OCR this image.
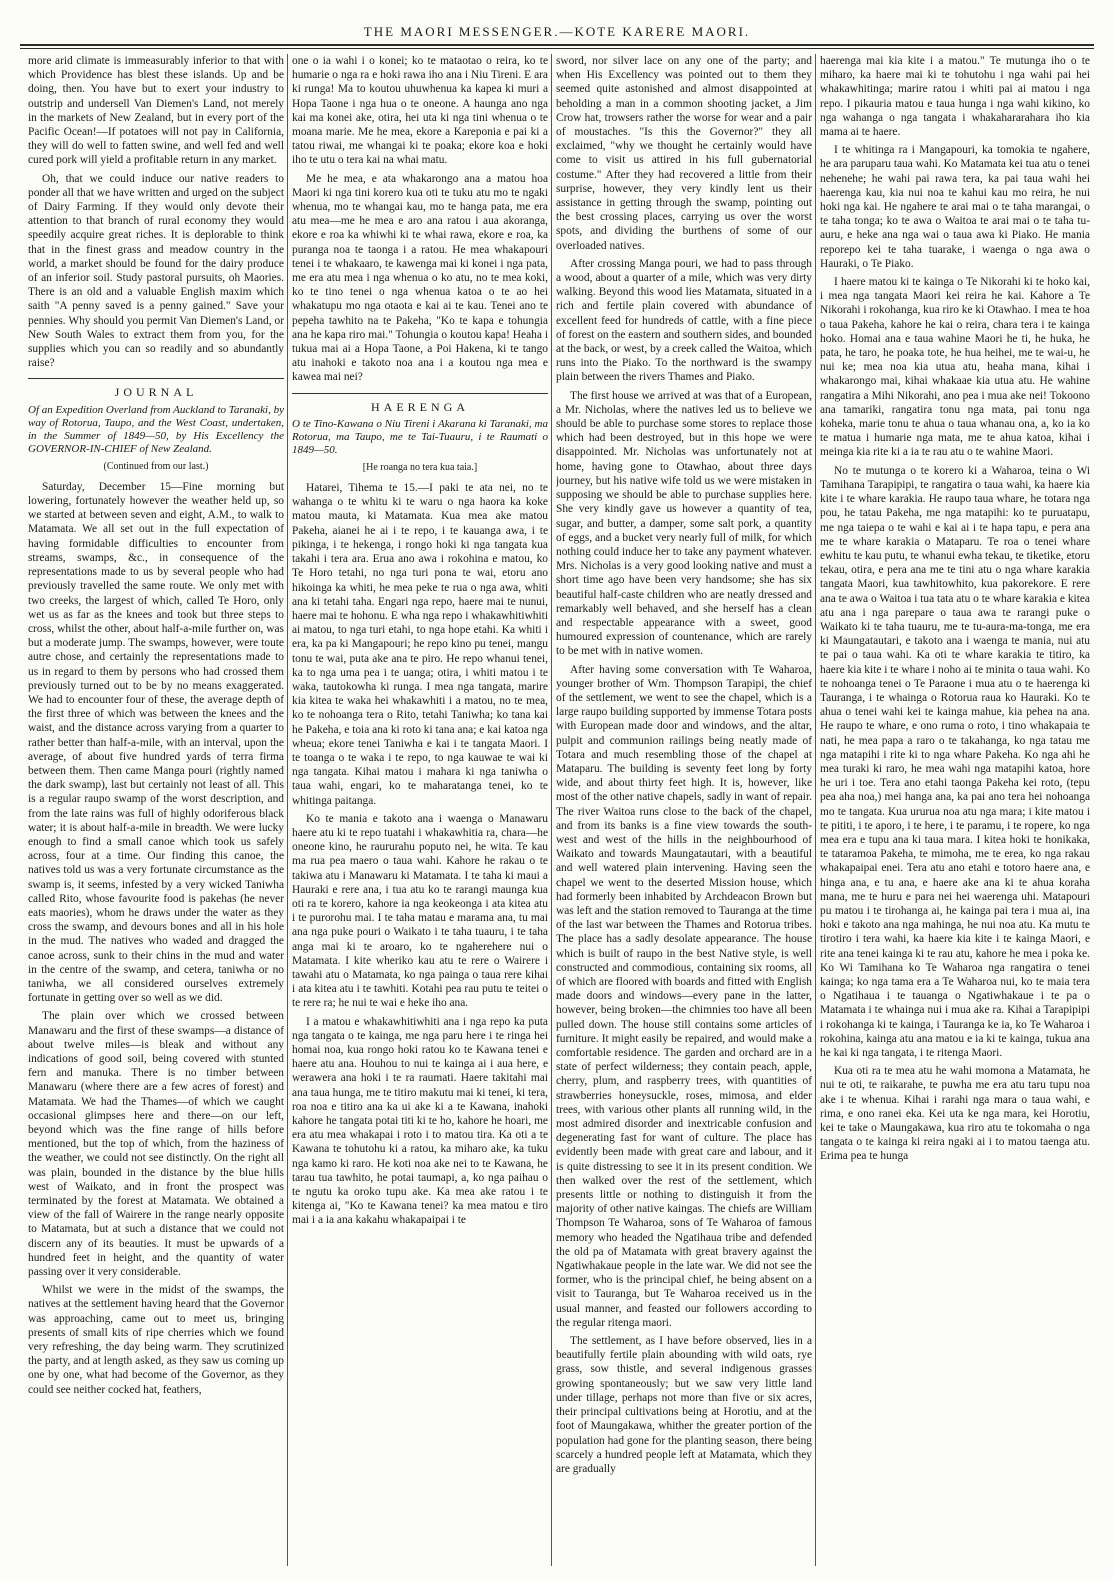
THE MAORI MESSENGER.—KOTE KARERE MAORI.

more arid climate is immeasurably inferior to that with which Providence has blest these islands. Up and be doing, then. You have but to exert your industry to outstrip and undersell Van Diemen's Land, not merely in the markets of New Zealand, but in every port of the Pacific Ocean!—If potatoes will not pay in California, they will do well to fatten swine, and well fed and well cured pork will yield a profitable return in any market.

Oh, that we could induce our native readers to ponder all that we have written and urged on the subject of Dairy Farming. If they would only devote their attention to that branch of rural economy they would speedily acquire great riches. It is deplorable to think that in the finest grass and meadow country in the world, a market should be found for the dairy produce of an inferior soil. Study pastoral pursuits, oh Maories. There is an old and a valuable English maxim which saith "A penny saved is a penny gained." Save your pennies. Why should you permit Van Diemen's Land, or New South Wales to extract them from you, for the supplies which you can so readily and so abundantly raise?

JOURNAL
Of an Expedition Overland from Auckland to Taranaki, by way of Rotorua, Taupo, and the West Coast, undertaken, in the Summer of 1849—50, by His Excellency the GOVERNOR-IN-CHIEF of New Zealand.
(Continued from our last.)

Saturday, December 15—Fine morning but lowering, fortunately however the weather held up, so we started at between seven and eight, A.M., to walk to Matamata. We all set out in the full expectation of having formidable difficulties to encounter from streams, swamps, &c., in consequence of the representations made to us by several people who had previously travelled the same route. We only met with two creeks, the largest of which, called Te Horo, only wet us as far as the knees and took but three steps to cross, whilst the other, about half-a-mile further on, was but a moderate jump. The swamps, however, were toute autre chose, and certainly the representations made to us in regard to them by persons who had crossed them previously turned out to be by no means exaggerated. We had to encounter four of these, the average depth of the first three of which was between the knees and the waist, and the distance across varying from a quarter to rather better than half-a-mile, with an interval, upon the average, of about five hundred yards of terra firma between them. Then came Manga pouri (rightly named the dark swamp), last but certainly not least of all. This is a regular raupo swamp of the worst description, and from the late rains was full of highly odoriferous black water; it is about half-a-mile in breadth. We were lucky enough to find a small canoe which took us safely across, four at a time. Our finding this canoe, the natives told us was a very fortunate circumstance as the swamp is, it seems, infested by a very wicked Taniwha called Rito, whose favourite food is pakehas (he never eats maories), whom he draws under the water as they cross the swamp, and devours bones and all in his hole in the mud. The natives who waded and dragged the canoe across, sunk to their chins in the mud and water in the centre of the swamp, and cetera, taniwha or no taniwha, we all considered ourselves extremely fortunate in getting over so well as we did.

The plain over which we crossed between Manawaru and the first of these swamps—a distance of about twelve miles—is bleak and without any indications of good soil, being covered with stunted fern and manuka. There is no timber between Manawaru (where there are a few acres of forest) and Matamata. We had the Thames—of which we caught occasional glimpses here and there—on our left, beyond which was the fine range of hills before mentioned, but the top of which, from the haziness of the weather, we could not see distinctly. On the right all was plain, bounded in the distance by the blue hills west of Waikato, and in front the prospect was terminated by the forest at Matamata. We obtained a view of the fall of Wairere in the range nearly opposite to Matamata, but at such a distance that we could not discern any of its beauties. It must be upwards of a hundred feet in height, and the quantity of water passing over it very considerable.

Whilst we were in the midst of the swamps, the natives at the settlement having heard that the Governor was approaching, came out to meet us, bringing presents of small kits of ripe cherries which we found very refreshing, the day being warm. They scrutinized the party, and at length asked, as they saw us coming up one by one, what had become of the Governor, as they could see neither cocked hat, feathers,

one o ia wahi i o konei; ko te mataotao o reira, ko te humarie o nga ra e hoki rawa iho ana i Niu Tireni. E ara ki runga! Ma to koutou uhuwhenua ka kapea ki muri a Hopa Taone i nga hua o te oneone. A haunga ano nga kai ma konei ake, otira, hei uta ki nga tini whenua o te moana marie. Me he mea, ekore a Kareponia e pai ki a tatou riwai, me whangai ki te poaka; ekore koa e hoki iho te utu o tera kai na whai matu.

Me he mea, e ata whakarongo ana a matou hoa Maori ki nga tini korero kua oti te tuku atu mo te ngaki whenua, mo te whangai kau, mo te hanga pata, me era atu mea—me he mea e aro ana ratou i aua akoranga, ekore e roa ka whiwhi ki te whai rawa, ekore e roa, ka puranga noa te taonga i a ratou. He mea whakapouri tenei i te whakaaro, te kawenga mai ki konei i nga pata, me era atu mea i nga whenua o ko atu, no te mea koki, ko te tino tenei o nga whenua katoa o te ao hei whakatupu mo nga otaota e kai ai te kau. Tenei ano te pepeha tawhito na te Pakeha, "Ko te kapa e tohungia ana he kapa riro mai." Tohungia o koutou kapa! Heaha i tukua mai ai a Hopa Taone, a Poi Hakena, ki te tango atu inahoki e takoto noa ana i a koutou nga mea e kawea mai nei?

HAERENGA
O te Tino-Kawana o Niu Tireni i Akarana ki Taranaki, ma Rotorua, ma Taupo, me te Tai-Tuauru, i te Raumati o 1849—50.
[He roanga no tera kua taia.]

Hatarei, Tihema te 15.—I paki te ata nei, no te wahanga o te whitu ki te waru o nga haora ka koke matou mauta, ki Matamata. Kua mea ake matou Pakeha, aianei he ai i te repo, i te kauanga awa, i te pikinga, i te hekenga, i rongo hoki ki nga tangata kua takahi i tera ara. Erua ano awa i rokohina e matou, ko Te Horo tetahi, no nga turi pona te wai, etoru ano hikoinga ka whiti, he mea peke te rua o nga awa, whiti ana ki tetahi taha. Engari nga repo, haere mai te nunui, haere mai te hohonu. E wha nga repo i whakawhitiwhiti ai matou, to nga turi etahi, to nga hope etahi. Ka whiti i era, ka pa ki Mangapouri; he repo kino pu tenei, mangu tonu te wai, puta ake ana te piro. He repo whanui tenei, ka to nga uma pea i te uanga; otira, i whiti matou i te waka, tautokowha ki runga. I mea nga tangata, marire kia kitea te waka hei whakawhiti i a matou, no te mea, ko te nohoanga tera o Rito, tetahi Taniwha; ko tana kai he Pakeha, e toia ana ki roto ki tana ana; e kai katoa nga wheua; ekore tenei Taniwha e kai i te tangata Maori. I te toanga o te waka i te repo, to nga kauwae te wai ki nga tangata. Kihai matou i mahara ki nga taniwha o taua wahi, engari, ko te maharatanga tenei, ko te whitinga paitanga.

Ko te mania e takoto ana i waenga o Manawaru haere atu ki te repo tuatahi i whakawhitia ra, chara—he oneone kino, he raururahu poputo nei, he wita. Te kau ma rua pea maero o taua wahi. Kahore he rakau o te takiwa atu i Manawaru ki Matamata. I te taha ki maui a Hauraki e rere ana, i tua atu ko te rarangi maunga kua oti ra te korero, kahore ia nga keokeonga i ata kitea atu i te purorohu mai. I te taha matau e marama ana, tu mai ana nga puke pouri o Waikato i te taha tuauru, i te taha anga mai ki te aroaro, ko te ngaherehere nui o Matamata. I kite wheriko kau atu te rere o Wairere i tawahi atu o Matamata, ko nga painga o taua rere kihai i ata kitea atu i te tawhiti. Kotahi pea rau putu te teitei o te rere ra; he nui te wai e heke iho ana.

I a matou e whakawhitiwhiti ana i nga repo ka puta nga tangata o te kainga, me nga paru here i te ringa hei homai noa, kua rongo hoki ratou ko te Kawana tenei e haere atu ana. Houhou to nui te kainga ai i aua here, e werawera ana hoki i te ra raumati. Haere takitahi mai ana taua hunga, me te titiro makutu mai ki tenei, ki tera, roa noa e titiro ana ka ui ake ki a te Kawana, inahoki kahore he tangata potai titi ki te ho, kahore he hoari, me era atu mea whakapai i roto i to matou tira. Ka oti a te Kawana te tohutohu ki a ratou, ka miharo ake, ka tuku nga kamo ki raro. He koti noa ake nei to te Kawana, he tarau tua tawhito, he potai taumapi, a, ko nga paihau o te ngutu ka oroko tupu ake. Ka mea ake ratou i te kitenga ai, "Ko te Kawana tenei? ka mea matou e tiro mai i a ia ana kakahu whakapaipai i te

sword, nor silver lace on any one of the party; and when His Excellency was pointed out to them they seemed quite astonished and almost disappointed at beholding a man in a common shooting jacket, a Jim Crow hat, trowsers rather the worse for wear and a pair of moustaches. "Is this the Governor?" they all exclaimed, "why we thought he certainly would have come to visit us attired in his full gubernatorial costume." After they had recovered a little from their surprise, however, they very kindly lent us their assistance in getting through the swamp, pointing out the best crossing places, carrying us over the worst spots, and dividing the burthens of some of our overloaded natives.

After crossing Manga pouri, we had to pass through a wood, about a quarter of a mile, which was very dirty walking. Beyond this wood lies Matamata, situated in a rich and fertile plain covered with abundance of excellent feed for hundreds of cattle, with a fine piece of forest on the eastern and southern sides, and bounded at the back, or west, by a creek called the Waitoa, which runs into the Piako. To the northward is the swampy plain between the rivers Thames and Piako.

The first house we arrived at was that of a European, a Mr. Nicholas, where the natives led us to believe we should be able to purchase some stores to replace those which had been destroyed, but in this hope we were disappointed. Mr. Nicholas was unfortunately not at home, having gone to Otawhao, about three days journey, but his native wife told us we were mistaken in supposing we should be able to purchase supplies here. She very kindly gave us however a quantity of tea, sugar, and butter, a damper, some salt pork, a quantity of eggs, and a bucket very nearly full of milk, for which nothing could induce her to take any payment whatever. Mrs. Nicholas is a very good looking native and must a short time ago have been very handsome; she has six beautiful half-caste children who are neatly dressed and remarkably well behaved, and she herself has a clean and respectable appearance with a sweet, good humoured expression of countenance, which are rarely to be met with in native women.

After having some conversation with Te Waharoa, younger brother of Wm. Thompson Tarapipi, the chief of the settlement, we went to see the chapel, which is a large raupo building supported by immense Totara posts with European made door and windows, and the altar, pulpit and communion railings being neatly made of Totara and much resembling those of the chapel at Mataparu. The building is seventy feet long by forty wide, and about thirty feet high. It is, however, like most of the other native chapels, sadly in want of repair. The river Waitoa runs close to the back of the chapel, and from its banks is a fine view towards the south-west and west of the hills in the neighbourhood of Waikato and towards Maungatautari, with a beautiful and well watered plain intervening. Having seen the chapel we went to the deserted Mission house, which had formerly been inhabited by Archdeacon Brown but was left and the station removed to Tauranga at the time of the last war between the Thames and Rotorua tribes. The place has a sadly desolate appearance. The house which is built of raupo in the best Native style, is well constructed and commodious, containing six rooms, all of which are floored with boards and fitted with English made doors and windows—every pane in the latter, however, being broken—the chimnies too have all been pulled down. The house still contains some articles of furniture. It might easily be repaired, and would make a comfortable residence. The garden and orchard are in a state of perfect wilderness; they contain peach, apple, cherry, plum, and raspberry trees, with quantities of strawberries honeysuckle, roses, mimosa, and elder trees, with various other plants all running wild, in the most admired disorder and inextricable confusion and degenerating fast for want of culture. The place has evidently been made with great care and labour, and it is quite distressing to see it in its present condition. We then walked over the rest of the settlement, which presents little or nothing to distinguish it from the majority of other native kaingas. The chiefs are William Thompson Te Waharoa, sons of Te Waharoa of famous memory who headed the Ngatihaua tribe and defended the old pa of Matamata with great bravery against the Ngatiwhakaue people in the late war. We did not see the former, who is the principal chief, he being absent on a visit to Tauranga, but Te Waharoa received us in the usual manner, and feasted our followers according to the regular ritenga maori.

The settlement, as I have before observed, lies in a beautifully fertile plain abounding with wild oats, rye grass, sow thistle, and several indigenous grasses growing spontaneously; but we saw very little land under tillage, perhaps not more than five or six acres, their principal cultivations being at Horotiu, and at the foot of Maungakawa, whither the greater portion of the population had gone for the planting season, there being scarcely a hundred people left at Matamata, which they are gradually

haerenga mai kia kite i a matou." Te mutunga iho o te miharo, ka haere mai ki te tohutohu i nga wahi pai hei whakawhitinga; marire ratou i whiti pai ai matou i nga repo. I pikauria matou e taua hunga i nga wahi kikino, ko nga wahanga o nga tangata i whakahararahara iho kia mama ai te haere.

I te whitinga ra i Mangapouri, ka tomokia te ngahere, he ara paruparu taua wahi. Ko Matamata kei tua atu o tenei nehenehe; he wahi pai rawa tera, ka pai taua wahi hei haerenga kau, kia nui noa te kahui kau mo reira, he nui hoki nga kai. He ngahere te arai mai o te taha marangai, o te taha tonga; ko te awa o Waitoa te arai mai o te taha tu-auru, e heke ana nga wai o taua awa ki Piako. He mania reporepo kei te taha tuarake, i waenga o nga awa o Hauraki, o Te Piako.

I haere matou ki te kainga o Te Nikorahi ki te hoko kai, i mea nga tangata Maori kei reira he kai. Kahore a Te Nikorahi i rokohanga, kua riro ke ki Otawhao. I mea te hoa o taua Pakeha, kahore he kai o reira, chara tera i te kainga hoko. Homai ana e taua wahine Maori he ti, he huka, he pata, he taro, he poaka tote, he hua heihei, me te wai-u, he nui ke; mea noa kia utua atu, heaha mana, kihai i whakarongo mai, kihai whakaae kia utua atu. He wahine rangatira a Mihi Nikorahi, ano pea i mua ake nei! Tokoono ana tamariki, rangatira tonu nga mata, pai tonu nga koheka, marie tonu te ahua o taua whanau ona, a, ko ia ko te matua i humarie nga mata, me te ahua katoa, kihai i meinga kia rite ki a ia te rau atu o te wahine Maori.

No te mutunga o te korero ki a Waharoa, teina o Wi Tamihana Tarapipipi, te rangatira o taua wahi, ka haere kia kite i te whare karakia. He raupo taua whare, he totara nga pou, he tatau Pakeha, me nga matapihi: ko te puruatapu, me nga taiepa o te wahi e kai ai i te hapa tapu, e pera ana me te whare karakia o Mataparu. Te roa o tenei whare ewhitu te kau putu, te whanui ewha tekau, te tiketike, etoru tekau, otira, e pera ana me te tini atu o nga whare karakia tangata Maori, kua tawhitowhito, kua pakorekore. E rere ana te awa o Waitoa i tua tata atu o te whare karakia e kitea atu ana i nga parepare o taua awa te rarangi puke o Waikato ki te taha tuauru, me te tu-aura-ma-tonga, me era ki Maungatautari, e takoto ana i waenga te mania, nui atu te pai o taua wahi. Ka oti te whare karakia te titiro, ka haere kia kite i te whare i noho ai te minita o taua wahi. Ko te nohoanga tenei o Te Paraone i mua atu o te haerenga ki Tauranga, i te whainga o Rotorua raua ko Hauraki. Ko te ahua o tenei wahi kei te kainga mahue, kia pehea na ana. He raupo te whare, e ono ruma o roto, i tino whakapaia te nati, he mea papa a raro o te takahanga, ko nga tatau me nga matapihi i rite ki to nga whare Pakeha. Ko nga ahi he mea turaki ki raro, he mea wahi nga matapihi katoa, hore he uri i toe. Tera ano etahi taonga Pakeha kei roto, (tepu pea aha noa,) mei hanga ana, ka pai ano tera hei nohoanga mo te tangata. Kua ururua noa atu nga mara; i kite matou i te pititi, i te aporo, i te here, i te paramu, i te ropere, ko nga mea era e tupu ana ki taua mara. I kitea hoki te honikaka, te tataramoa Pakeha, te mimoha, me te erea, ko nga rakau whakapaipai enei. Tera atu ano etahi e totoro haere ana, e hinga ana, e tu ana, e haere ake ana ki te ahua koraha mana, me te huru e para nei hei waerenga uhi. Matapouri pu matou i te tirohanga ai, he kainga pai tera i mua ai, ina hoki e takoto ana nga mahinga, he nui noa atu. Ka mutu te tirotiro i tera wahi, ka haere kia kite i te kainga Maori, e rite ana tenei kainga ki te rau atu, kahore he mea i poka ke. Ko Wi Tamihana ko Te Waharoa nga rangatira o tenei kainga; ko nga tama era a Te Waharoa nui, ko te maia tera o Ngatihaua i te tauanga o Ngatiwhakaue i te pa o Matamata i te whainga nui i mua ake ra. Kihai a Tarapipipi i rokohanga ki te kainga, i Tauranga ke ia, ko Te Waharoa i rokohina, kainga atu ana matou e ia ki te kainga, tukua ana he kai ki nga tangata, i te ritenga Maori.

Kua oti ra te mea atu he wahi momona a Matamata, he nui te oti, te raikarahe, te puwha me era atu taru tupu noa ake i te whenua. Kihai i rarahi nga mara o taua wahi, e rima, e ono ranei eka. Kei uta ke nga mara, kei Horotiu, kei te take o Maungakawa, kua riro atu te tokomaha o nga tangata o te kainga ki reira ngaki ai i to matou taenga atu. Erima pea te hunga
